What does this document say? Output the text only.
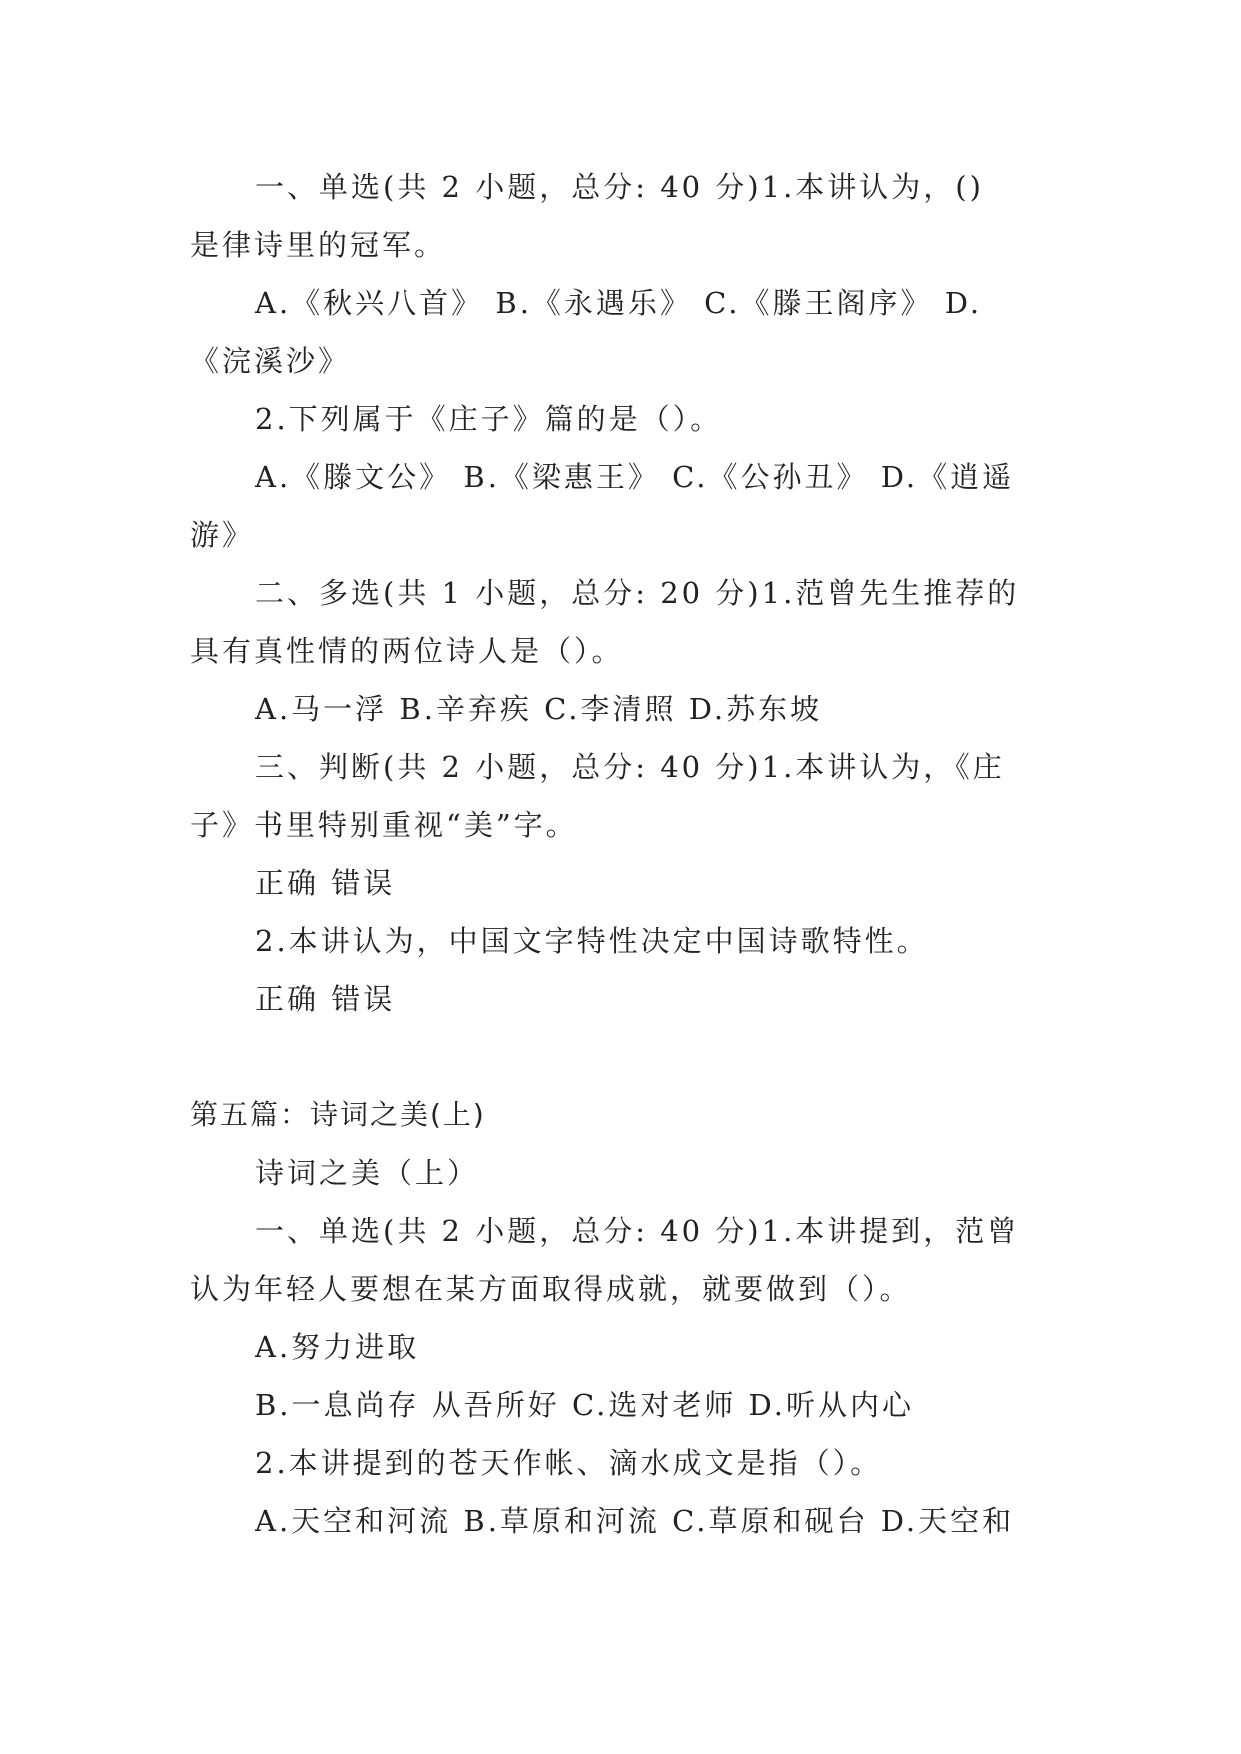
一、单选(共 2 小题，总分: 40 分)1.本讲认为，()
是律诗里的冠军。
A.《秋兴八首》 B.《永遇乐》 C.《滕王阁序》 D.
《浣溪沙》
2.下列属于《庄子》篇的是（）。
A.《滕文公》 B.《梁惠王》 C.《公孙丑》 D.《逍遥
游》
二、多选(共 1 小题，总分: 20 分)1.范曾先生推荐的
具有真性情的两位诗人是（）。
A.马一浮 B.辛弃疾 C.李清照 D.苏东坡
三、判断(共 2 小题，总分: 40 分)1.本讲认为，《庄
子》书里特别重视“美”字。
正确 错误
2.本讲认为，中国文字特性决定中国诗歌特性。
正确 错误
第五篇：诗词之美(上)
诗词之美（上）
一、单选(共 2 小题，总分: 40 分)1.本讲提到，范曾
认为年轻人要想在某方面取得成就，就要做到（）。
A.努力进取
B.一息尚存 从吾所好 C.选对老师 D.听从内心
2.本讲提到的苍天作帐、滴水成文是指（）。
A.天空和河流 B.草原和河流 C.草原和砚台 D.天空和
